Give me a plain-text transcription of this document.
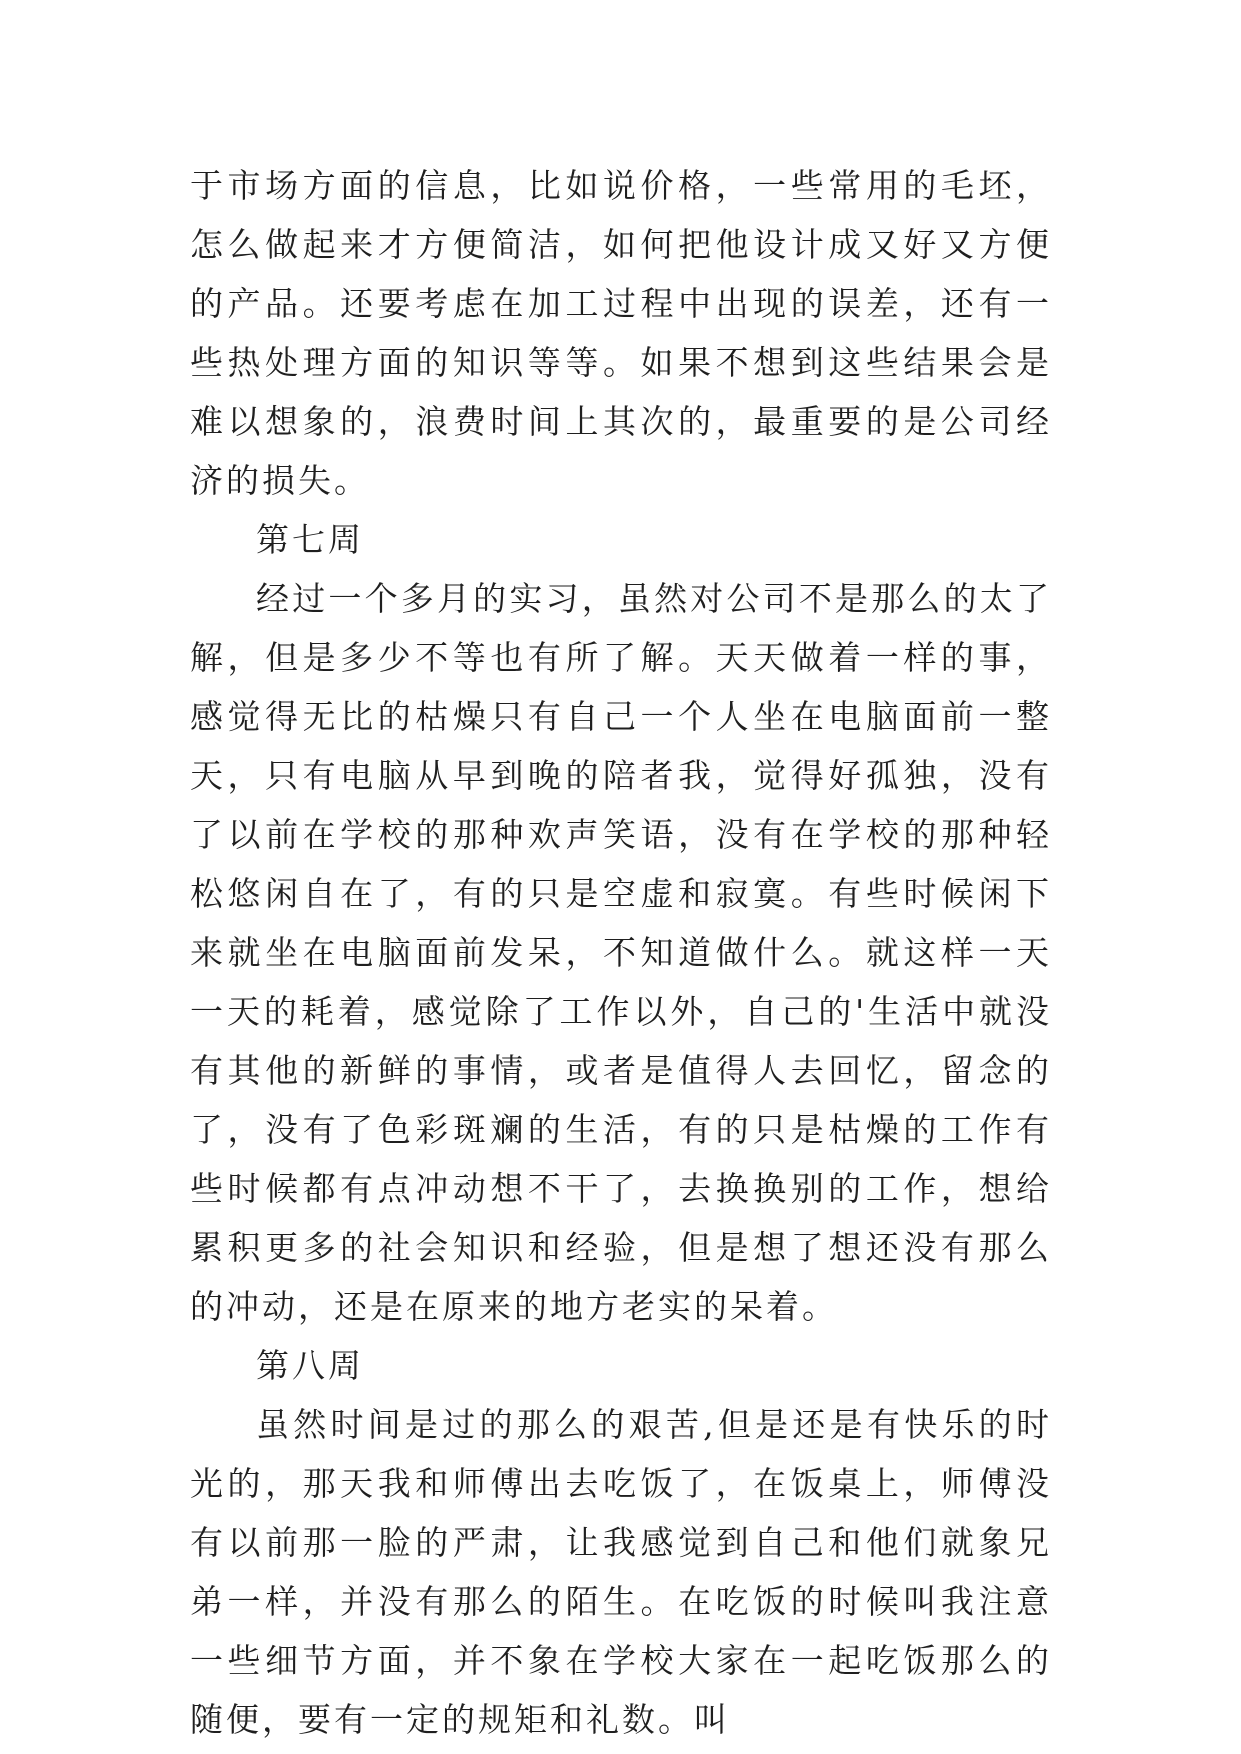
于市场方面的信息，比如说价格，一些常用的毛坯，怎么做起来才方便简洁，如何把他设计成又好又方便的产品。还要考虑在加工过程中出现的误差，还有一些热处理方面的知识等等。如果不想到这些结果会是难以想象的，浪费时间上其次的，最重要的是公司经济的损失。

第七周

经过一个多月的实习，虽然对公司不是那么的太了解，但是多少不等也有所了解。天天做着一样的事，感觉得无比的枯燥只有自己一个人坐在电脑面前一整天，只有电脑从早到晚的陪者我，觉得好孤独，没有了以前在学校的那种欢声笑语，没有在学校的那种轻松悠闲自在了，有的只是空虚和寂寞。有些时候闲下来就坐在电脑面前发呆，不知道做什么。就这样一天一天的耗着，感觉除了工作以外，自己的'生活中就没有其他的新鲜的事情，或者是值得人去回忆，留念的了，没有了色彩斑斓的生活，有的只是枯燥的工作有些时候都有点冲动想不干了，去换换别的工作，想给累积更多的社会知识和经验，但是想了想还没有那么的冲动，还是在原来的地方老实的呆着。

第八周

虽然时间是过的那么的艰苦,但是还是有快乐的时光的，那天我和师傅出去吃饭了，在饭桌上，师傅没有以前那一脸的严肃，让我感觉到自己和他们就象兄弟一样，并没有那么的陌生。在吃饭的时候叫我注意一些细节方面，并不象在学校大家在一起吃饭那么的随便，要有一定的规矩和礼数。叫
